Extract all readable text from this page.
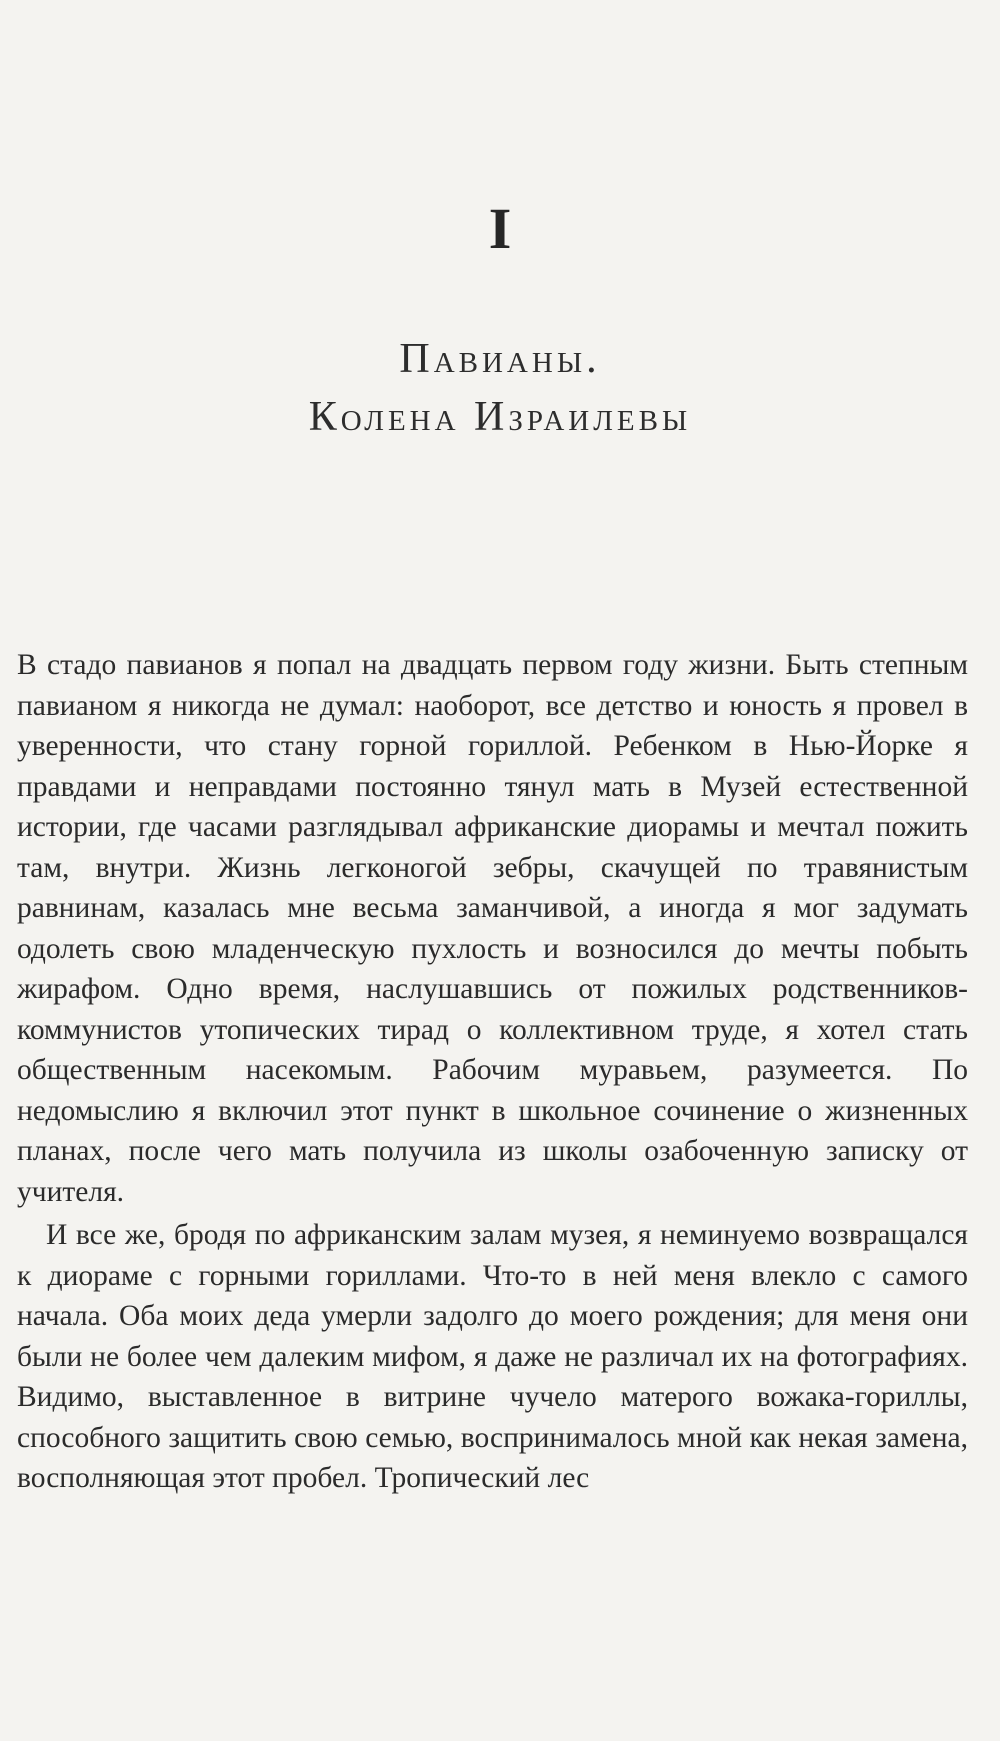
I
Павианы.
Колена Израилевы

В стадо павианов я попал на двадцать первом году жизни. Быть степным павианом я никогда не думал: наоборот, все детство и юность я провел в уверенности, что стану горной гориллой. Ребенком в Нью-Йорке я правдами и неправдами постоянно тянул мать в Музей естественной истории, где часами разглядывал африканские диорамы и мечтал пожить там, внутри. Жизнь легконогой зебры, скачущей по травянистым равнинам, казалась мне весьма заманчивой, а иногда я мог задумать одолеть свою младенческую пухлость и возносился до мечты побыть жирафом. Одно время, наслушавшись от пожилых родственников-коммунистов утопических тирад о коллективном труде, я хотел стать общественным насекомым. Рабочим муравьем, разумеется. По недомыслию я включил этот пункт в школьное сочинение о жизненных планах, после чего мать получила из школы озабоченную записку от учителя.

И все же, бродя по африканским залам музея, я неминуемо возвращался к диораме с горными гориллами. Что-то в ней меня влекло с самого начала. Оба моих деда умерли задолго до моего рождения; для меня они были не более чем далеким мифом, я даже не различал их на фотографиях. Видимо, выставленное в витрине чучело матерого вожака-гориллы, способного защитить свою семью, воспринималось мной как некая замена, восполняющая этот пробел. Тропический лес
